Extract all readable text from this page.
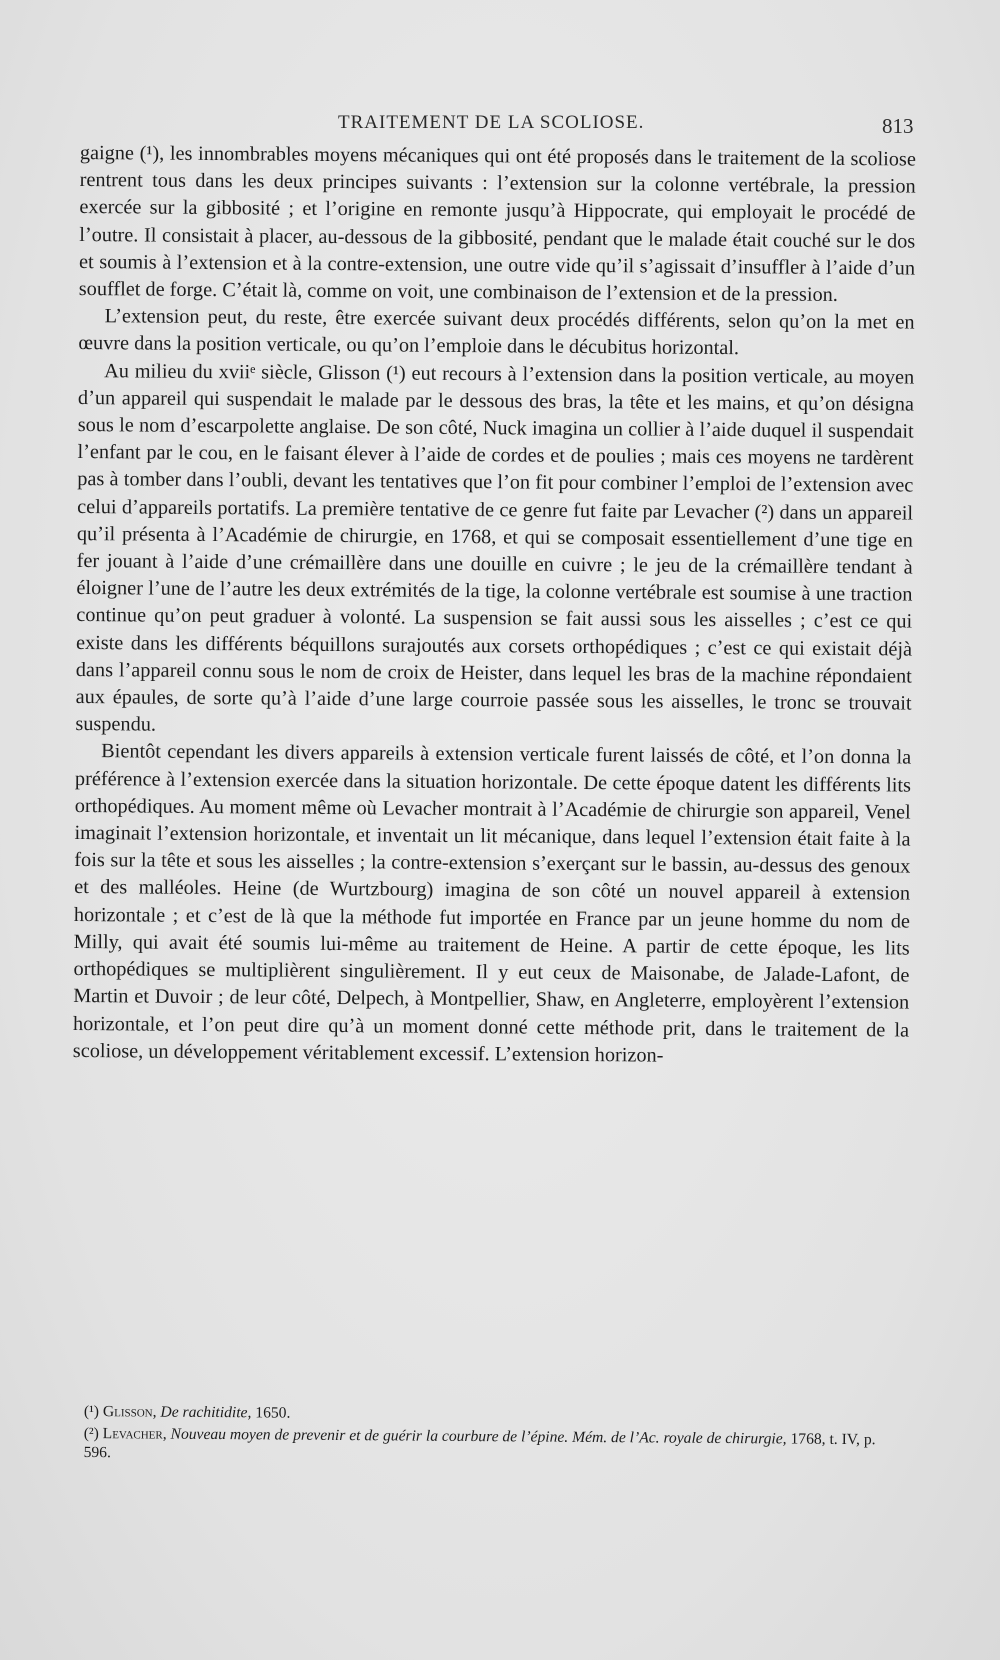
TRAITEMENT DE LA SCOLIOSE.	813

gaigne (¹), les innombrables moyens mécaniques qui ont été proposés dans le traitement de la scoliose rentrent tous dans les deux principes suivants : l’extension sur la colonne vertébrale, la pression exercée sur la gibbosité ; et l’origine en remonte jusqu’à Hippocrate, qui employait le procédé de l’outre. Il consistait à placer, au-dessous de la gibbosité, pendant que le malade était couché sur le dos et soumis à l’extension et à la contre-extension, une outre vide qu’il s’agissait d’insuffler à l’aide d’un soufflet de forge. C’était là, comme on voit, une combinaison de l’extension et de la pression.

L’extension peut, du reste, être exercée suivant deux procédés différents, selon qu’on la met en œuvre dans la position verticale, ou qu’on l’emploie dans le décubitus horizontal.

Au milieu du xviiᵉ siècle, Glisson (¹) eut recours à l’extension dans la position verticale, au moyen d’un appareil qui suspendait le malade par le dessous des bras, la tête et les mains, et qu’on désigna sous le nom d’escarpolette anglaise. De son côté, Nuck imagina un collier à l’aide duquel il suspendait l’enfant par le cou, en le faisant élever à l’aide de cordes et de poulies ; mais ces moyens ne tardèrent pas à tomber dans l’oubli, devant les tentatives que l’on fit pour combiner l’emploi de l’extension avec celui d’appareils portatifs. La première tentative de ce genre fut faite par Levacher (²) dans un appareil qu’il présenta à l’Académie de chirurgie, en 1768, et qui se composait essentiellement d’une tige en fer jouant à l’aide d’une crémaillère dans une douille en cuivre ; le jeu de la crémaillère tendant à éloigner l’une de l’autre les deux extrémités de la tige, la colonne vertébrale est soumise à une traction continue qu’on peut graduer à volonté. La suspension se fait aussi sous les aisselles ; c’est ce qui existe dans les différents béquillons surajoutés aux corsets orthopédiques ; c’est ce qui existait déjà dans l’appareil connu sous le nom de croix de Heister, dans lequel les bras de la machine répondaient aux épaules, de sorte qu’à l’aide d’une large courroie passée sous les aisselles, le tronc se trouvait suspendu.

Bientôt cependant les divers appareils à extension verticale furent laissés de côté, et l’on donna la préférence à l’extension exercée dans la situation horizontale. De cette époque datent les différents lits orthopédiques. Au moment même où Levacher montrait à l’Académie de chirurgie son appareil, Venel imaginait l’extension horizontale, et inventait un lit mécanique, dans lequel l’extension était faite à la fois sur la tête et sous les aisselles ; la contre-extension s’exerçant sur le bassin, au-dessus des genoux et des malléoles. Heine (de Wurtzbourg) imagina de son côté un nouvel appareil à extension horizontale ; et c’est de là que la méthode fut importée en France par un jeune homme du nom de Milly, qui avait été soumis lui-même au traitement de Heine. A partir de cette époque, les lits orthopédiques se multiplièrent singulièrement. Il y eut ceux de Maisonabe, de Jalade-Lafont, de Martin et Duvoir ; de leur côté, Delpech, à Montpellier, Shaw, en Angleterre, employèrent l’extension horizontale, et l’on peut dire qu’à un moment donné cette méthode prit, dans le traitement de la scoliose, un développement véritablement excessif. L’extension horizon-

(¹) Glisson, De rachitidite, 1650.

(²) Levacher, Nouveau moyen de prevenir et de guérir la courbure de l’épine. Mém. de l’Ac. royale de chirurgie, 1768, t. IV, p. 596.
